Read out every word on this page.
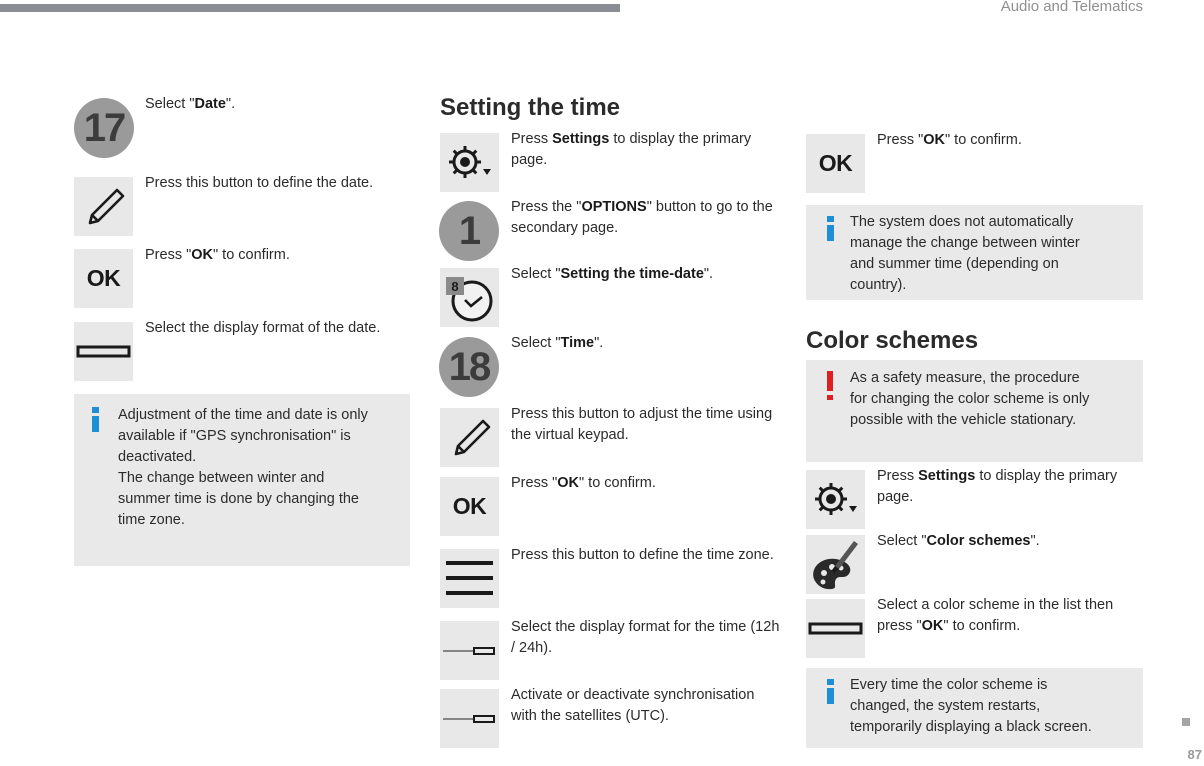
Audio and Telematics
87
17
Select "Date".
Press this button to define the date.
OK
Press "OK" to confirm.
Select the display format of the date.
Adjustment of the time and date is only
available if "GPS synchronisation" is
deactivated.
The change between winter and
summer time is done by changing the
time zone.
Setting the time
Press Settings to display the primary page.
1
Press the "OPTIONS" button to go to the secondary page.
8
Select "Setting the time-date".
18
Select "Time".
Press this button to adjust the time using the virtual keypad.
OK
Press "OK" to confirm.
Press this button to define the time zone.
Select the display format for the time (12h / 24h).
Activate or deactivate synchronisation with the satellites (UTC).
OK
Press "OK" to confirm.
The system does not automatically
manage the change between winter
and summer time (depending on
country).
Color schemes
As a safety measure, the procedure
for changing the color scheme is only
possible with the vehicle stationary.
Press Settings to display the primary page.
Select "Color schemes".
Select a color scheme in the list then press "OK" to confirm.
Every time the color scheme is
changed, the system restarts,
temporarily displaying a black screen.
